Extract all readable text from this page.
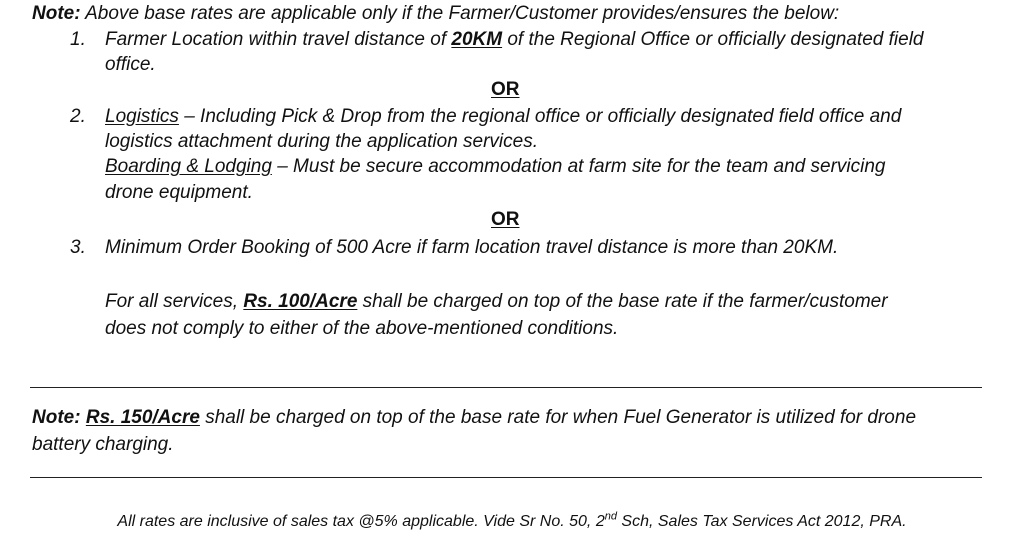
Note: Above base rates are applicable only if the Farmer/Customer provides/ensures the below:
1. Farmer Location within travel distance of 20KM of the Regional Office or officially designated field
office.
OR
2. Logistics – Including Pick & Drop from the regional office or officially designated field office and
logistics attachment during the application services.
Boarding & Lodging – Must be secure accommodation at farm site for the team and servicing
drone equipment.
OR
3. Minimum Order Booking of 500 Acre if farm location travel distance is more than 20KM.
For all services, Rs. 100/Acre shall be charged on top of the base rate if the farmer/customer
does not comply to either of the above-mentioned conditions.
Note: Rs. 150/Acre shall be charged on top of the base rate for when Fuel Generator is utilized for drone
battery charging.
All rates are inclusive of sales tax @5% applicable. Vide Sr No. 50, 2nd Sch, Sales Tax Services Act 2012, PRA.
